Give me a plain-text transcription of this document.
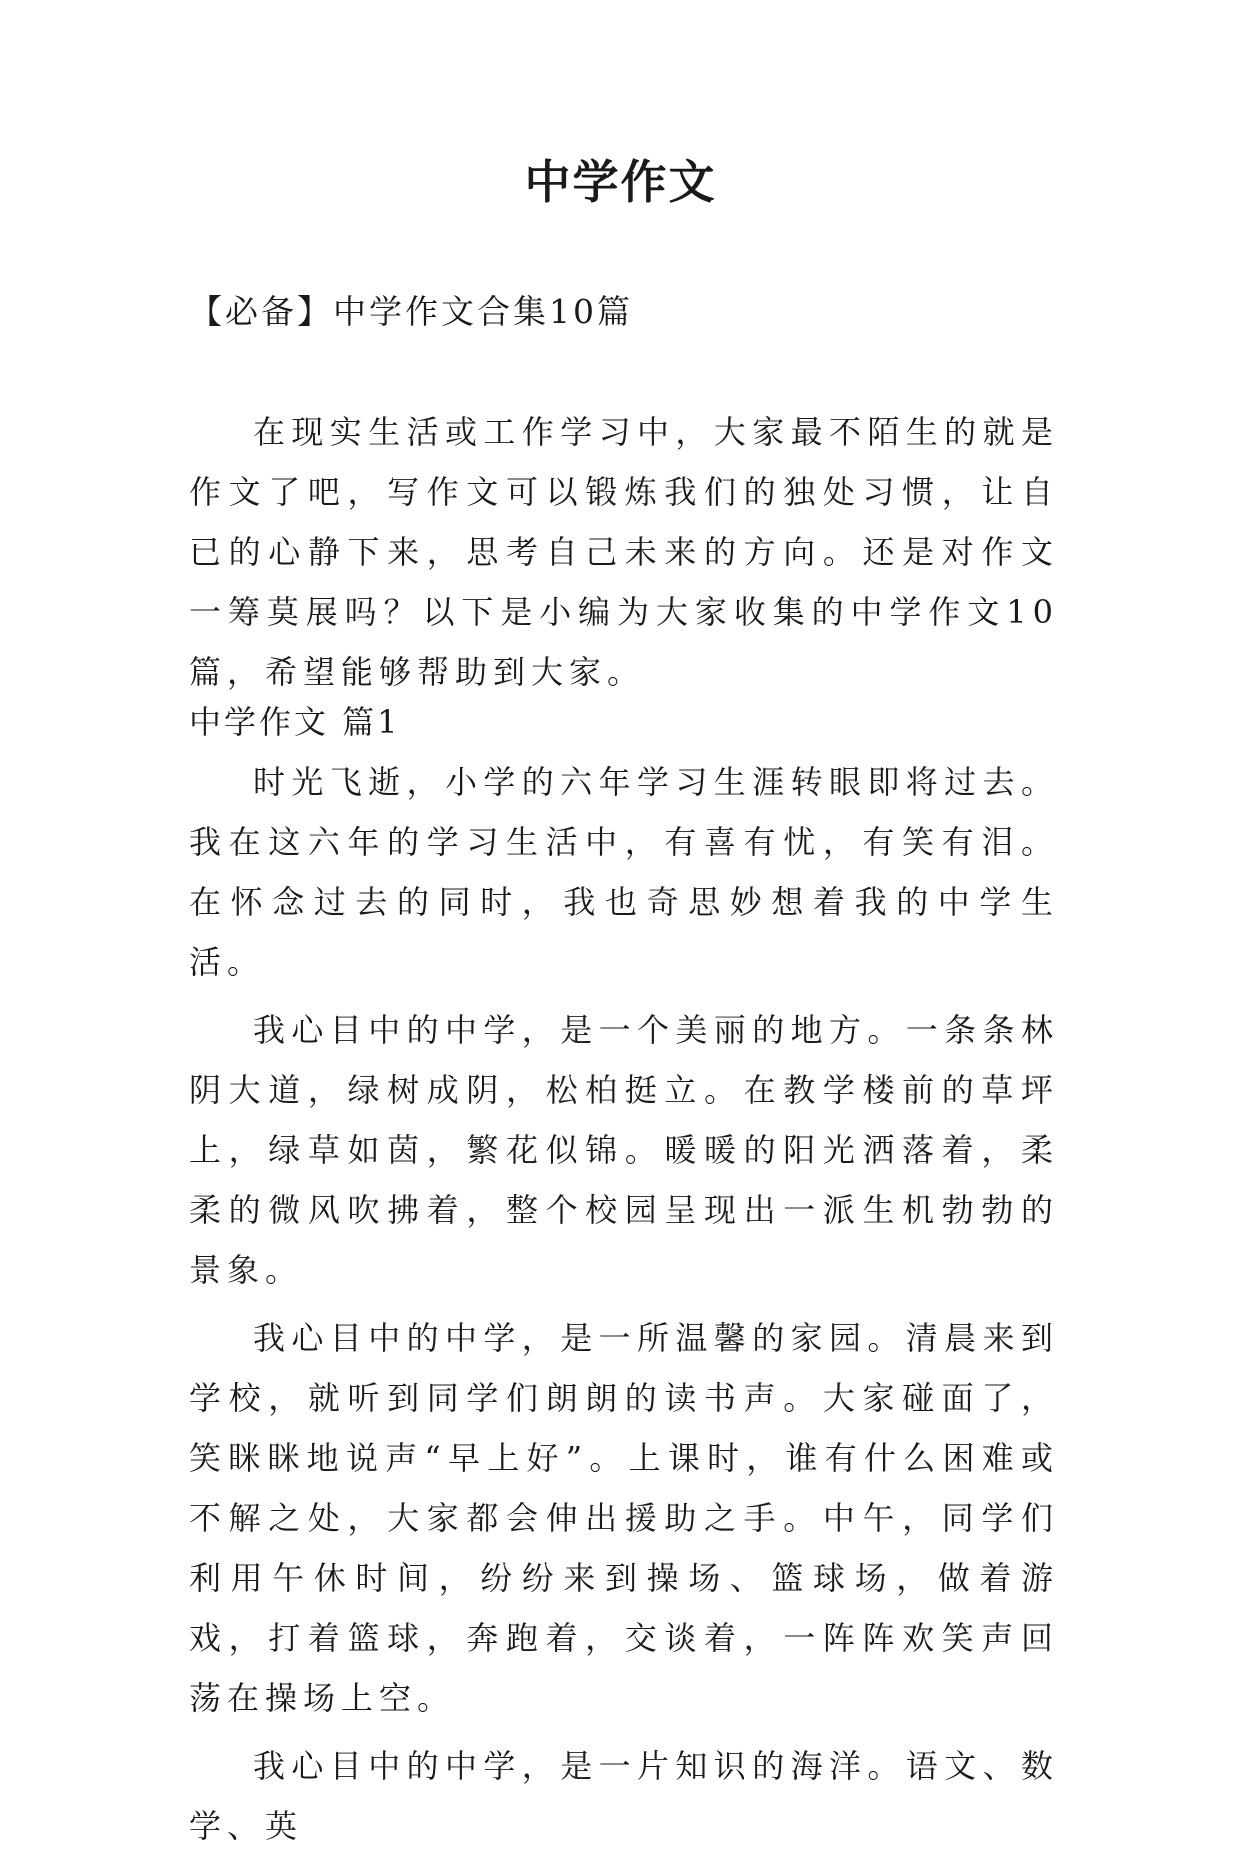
中学作文
【必备】中学作文合集10篇

在现实生活或工作学习中，大家最不陌生的就是作文了吧，写作文可以锻炼我们的独处习惯，让自已的心静下来，思考自己未来的方向。还是对作文一筹莫展吗？以下是小编为大家收集的中学作文10篇，希望能够帮助到大家。

中学作文 篇1

时光飞逝，小学的六年学习生涯转眼即将过去。我在这六年的学习生活中，有喜有忧，有笑有泪。在怀念过去的同时，我也奇思妙想着我的中学生活。

我心目中的中学，是一个美丽的地方。一条条林阴大道，绿树成阴，松柏挺立。在教学楼前的草坪上，绿草如茵，繁花似锦。暖暖的阳光洒落着，柔柔的微风吹拂着，整个校园呈现出一派生机勃勃的景象。

我心目中的中学，是一所温馨的家园。清晨来到学校，就听到同学们朗朗的读书声。大家碰面了，笑眯眯地说声“早上好”。上课时，谁有什么困难或不解之处，大家都会伸出援助之手。中午，同学们利用午休时间，纷纷来到操场、篮球场，做着游戏，打着篮球，奔跑着，交谈着，一阵阵欢笑声回荡在操场上空。

我心目中的中学，是一片知识的海洋。语文、数学、英
